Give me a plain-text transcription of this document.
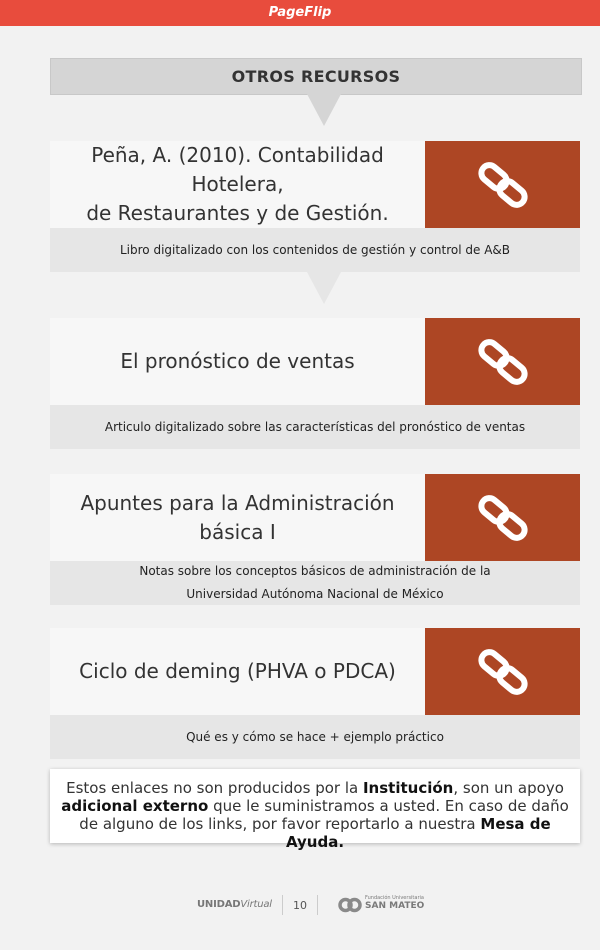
PageFlip
OTROS RECURSOS
Peña, A. (2010). Contabilidad Hotelera,
de Restaurantes y de Gestión.
Libro digitalizado con los contenidos de gestión y control de A&B
El pronóstico de ventas
Articulo digitalizado sobre las características del pronóstico de ventas
Apuntes para la Administración
básica I
Notas sobre los conceptos básicos de administración de la
Universidad Autónoma Nacional de México
Ciclo de deming (PHVA o PDCA)
Qué es y cómo se hace + ejemplo práctico
Estos enlaces no son producidos por la Institución, son un apoyo adicional externo que le suministramos a usted. En caso de daño de alguno de los links, por favor reportarlo a nuestra Mesa de Ayuda.
UNIDADVirtual	10
Fundación Universitaria
SAN MATEO
